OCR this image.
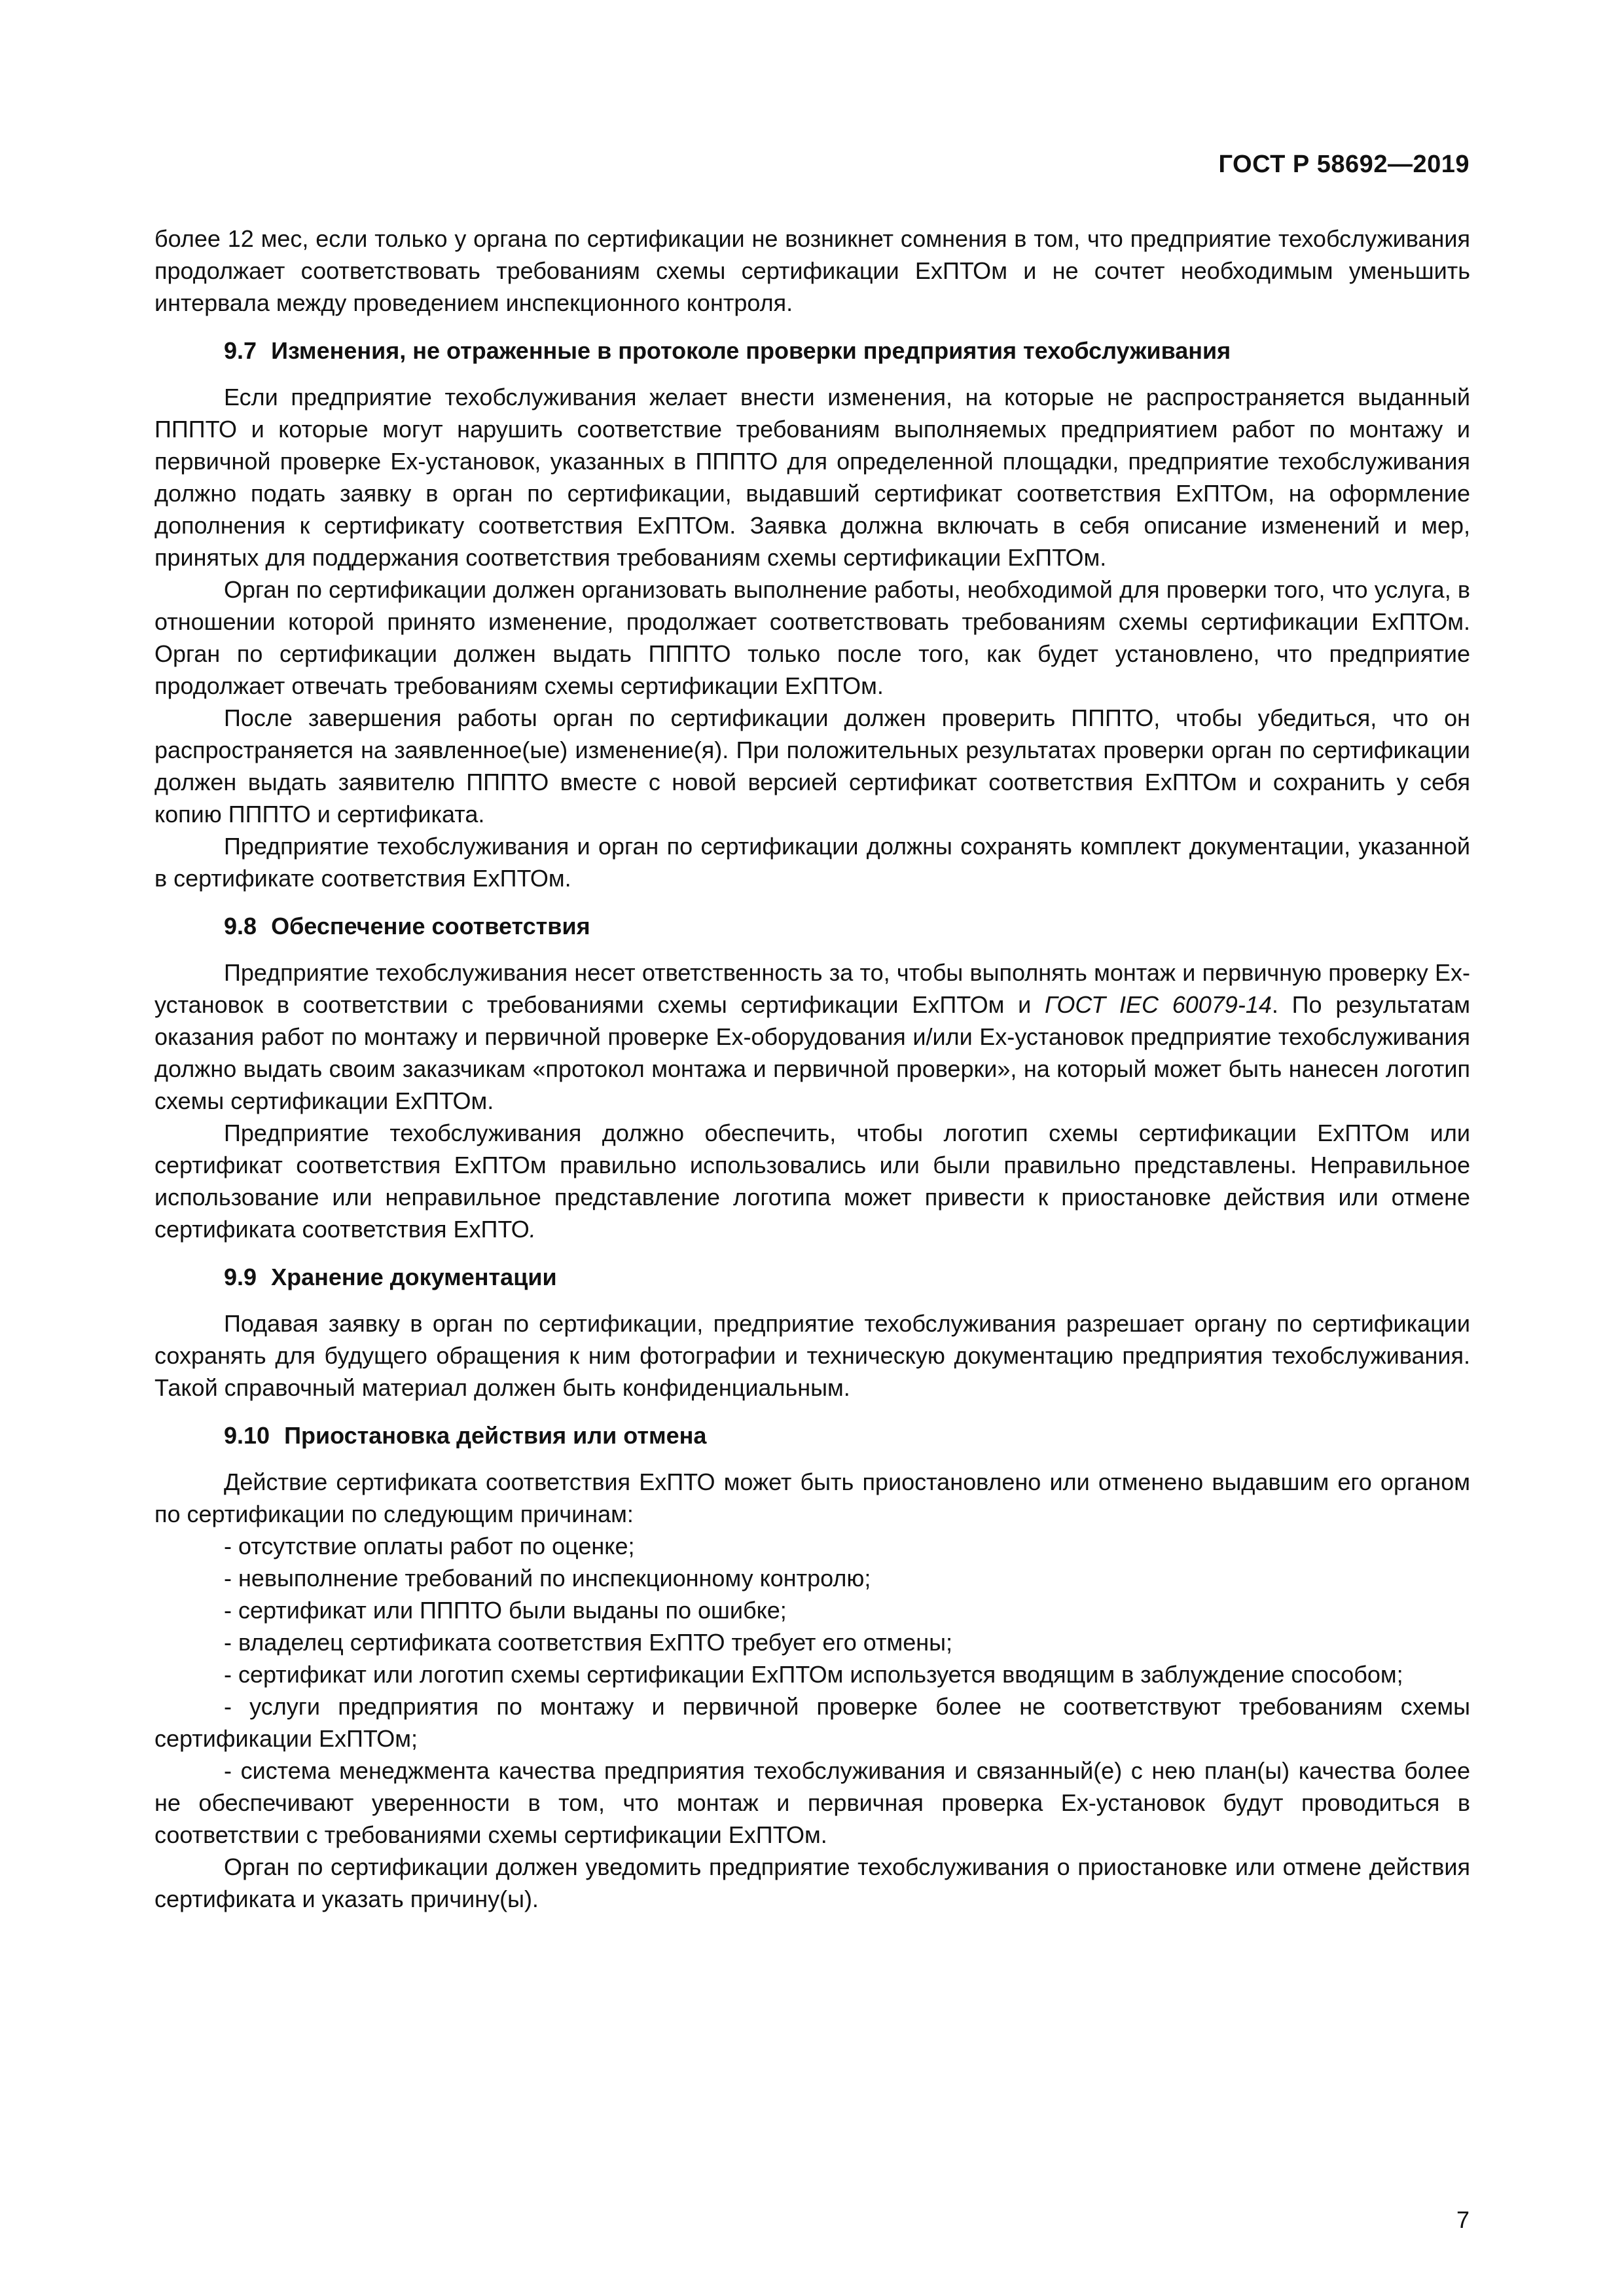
ГОСТ Р 58692—2019

более 12 мес, если только у органа по сертификации не возникнет сомнения в том, что предприятие техобслуживания продолжает соответствовать требованиям схемы сертификации ExПТОм и не сочтет необходимым уменьшить интервала между проведением инспекционного контроля.

9.7 Изменения, не отраженные в протоколе проверки предприятия техобслуживания

Если предприятие техобслуживания желает внести изменения, на которые не распространяется выданный ПППТО и которые могут нарушить соответствие требованиям выполняемых предприятием работ по монтажу и первичной проверке Ex-установок, указанных в ПППТО для определенной площадки, предприятие техобслуживания должно подать заявку в орган по сертификации, выдавший сертификат соответствия ExПТОм, на оформление дополнения к сертификату соответствия ExПТОм. Заявка должна включать в себя описание изменений и мер, принятых для поддержания соответствия требованиям схемы сертификации ExПТОм.

Орган по сертификации должен организовать выполнение работы, необходимой для проверки того, что услуга, в отношении которой принято изменение, продолжает соответствовать требованиям схемы сертификации ExПТОм. Орган по сертификации должен выдать ПППТО только после того, как будет установлено, что предприятие продолжает отвечать требованиям схемы сертификации ExПТОм.

После завершения работы орган по сертификации должен проверить ПППТО, чтобы убедиться, что он распространяется на заявленное(ые) изменение(я). При положительных результатах проверки орган по сертификации должен выдать заявителю ПППТО вместе с новой версией сертификат соответствия ExПТОм и сохранить у себя копию ПППТО и сертификата.

Предприятие техобслуживания и орган по сертификации должны сохранять комплект документации, указанной в сертификате соответствия ExПТОм.

9.8 Обеспечение соответствия

Предприятие техобслуживания несет ответственность за то, чтобы выполнять монтаж и первичную проверку Ex-установок в соответствии с требованиями схемы сертификации ExПТОм и ГОСТ IEC 60079-14. По результатам оказания работ по монтажу и первичной проверке Ex-оборудования и/или Ex-установок предприятие техобслуживания должно выдать своим заказчикам «протокол монтажа и первичной проверки», на который может быть нанесен логотип схемы сертификации ExПТОм.

Предприятие техобслуживания должно обеспечить, чтобы логотип схемы сертификации ExПТОм или сертификат соответствия ExПТОм правильно использовались или были правильно представлены. Неправильное использование или неправильное представление логотипа может привести к приостановке действия или отмене сертификата соответствия ExПТО.

9.9 Хранение документации

Подавая заявку в орган по сертификации, предприятие техобслуживания разрешает органу по сертификации сохранять для будущего обращения к ним фотографии и техническую документацию предприятия техобслуживания. Такой справочный материал должен быть конфиденциальным.

9.10 Приостановка действия или отмена

Действие сертификата соответствия ExПТО может быть приостановлено или отменено выдавшим его органом по сертификации по следующим причинам:

- отсутствие оплаты работ по оценке;

- невыполнение требований по инспекционному контролю;

- сертификат или ПППТО были выданы по ошибке;

- владелец сертификата соответствия ExПТО требует его отмены;

- сертификат или логотип схемы сертификации ExПТОм используется вводящим в заблуждение способом;

- услуги предприятия по монтажу и первичной проверке более не соответствуют требованиям схемы сертификации ExПТОм;

- система менеджмента качества предприятия техобслуживания и связанный(е) с нею план(ы) качества более не обеспечивают уверенности в том, что монтаж и первичная проверка Ex-установок будут проводиться в соответствии с требованиями схемы сертификации ExПТОм.

Орган по сертификации должен уведомить предприятие техобслуживания о приостановке или отмене действия сертификата и указать причину(ы).

7
